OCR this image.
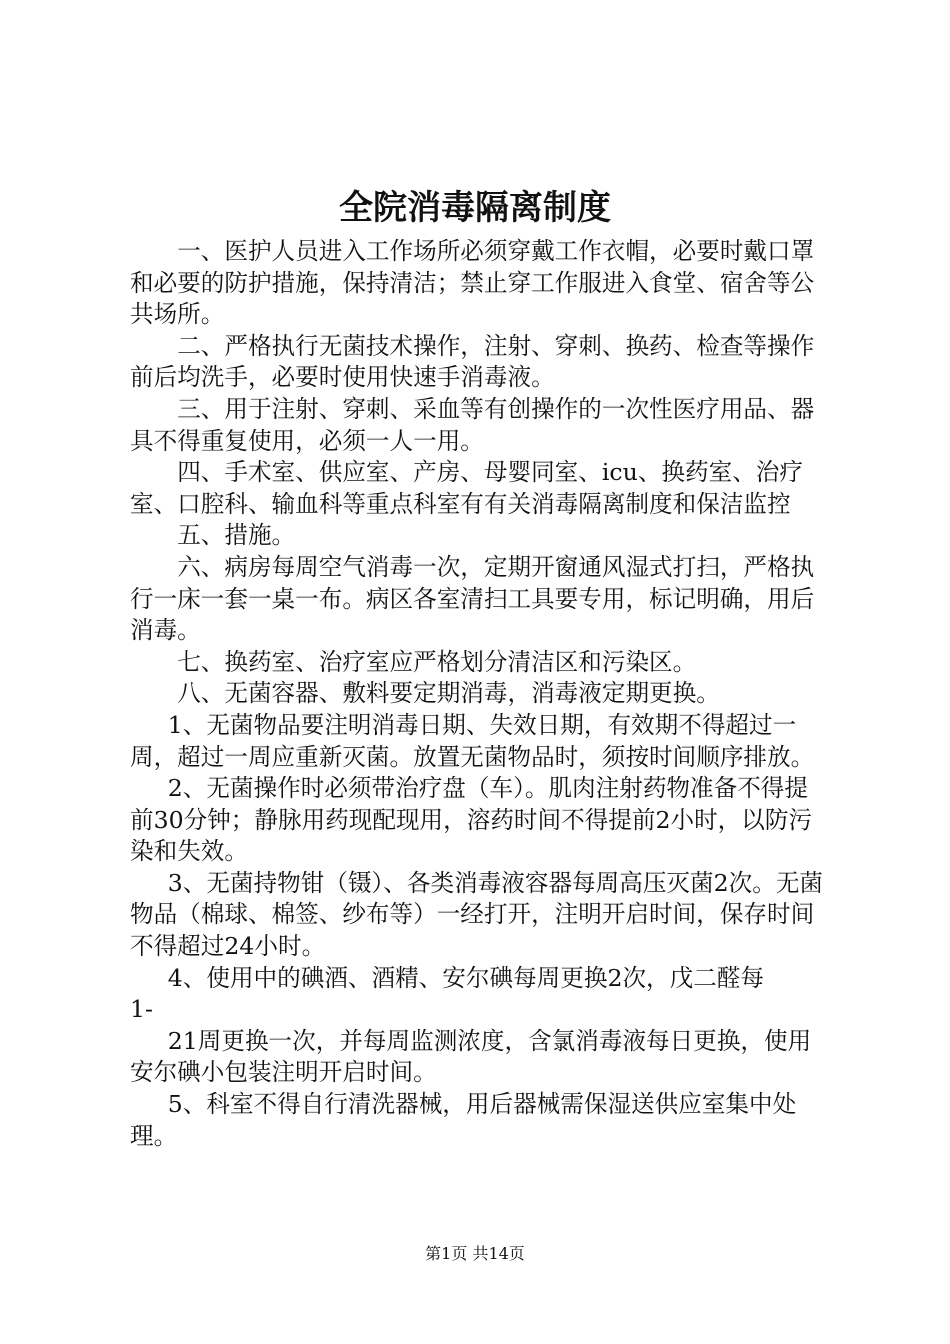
全院消毒隔离制度

一、医护人员进入工作场所必须穿戴工作衣帽，必要时戴口罩和必要的防护措施，保持清洁；禁止穿工作服进入食堂、宿舍等公共场所。

二、严格执行无菌技术操作，注射、穿刺、换药、检查等操作前后均洗手，必要时使用快速手消毒液。

三、用于注射、穿刺、采血等有创操作的一次性医疗用品、器具不得重复使用，必须一人一用。

四、手术室、供应室、产房、母婴同室、icu、换药室、治疗室、口腔科、输血科等重点科室有有关消毒隔离制度和保洁监控

五、措施。

六、病房每周空气消毒一次，定期开窗通风湿式打扫，严格执行一床一套一桌一布。病区各室清扫工具要专用，标记明确，用后消毒。

七、换药室、治疗室应严格划分清洁区和污染区。

八、无菌容器、敷料要定期消毒，消毒液定期更换。

1、无菌物品要注明消毒日期、失效日期，有效期不得超过一周，超过一周应重新灭菌。放置无菌物品时，须按时间顺序排放。

2、无菌操作时必须带治疗盘（车）。肌肉注射药物准备不得提前30分钟；静脉用药现配现用，溶药时间不得提前2小时，以防污染和失效。

3、无菌持物钳（镊）、各类消毒液容器每周高压灭菌2次。无菌物品（棉球、棉签、纱布等）一经打开，注明开启时间，保存时间不得超过24小时。

4、使用中的碘酒、酒精、安尔碘每周更换2次，戊二醛每

1-

21周更换一次，并每周监测浓度，含氯消毒液每日更换，使用安尔碘小包装注明开启时间。

5、科室不得自行清洗器械，用后器械需保湿送供应室集中处理。

第1页 共14页
